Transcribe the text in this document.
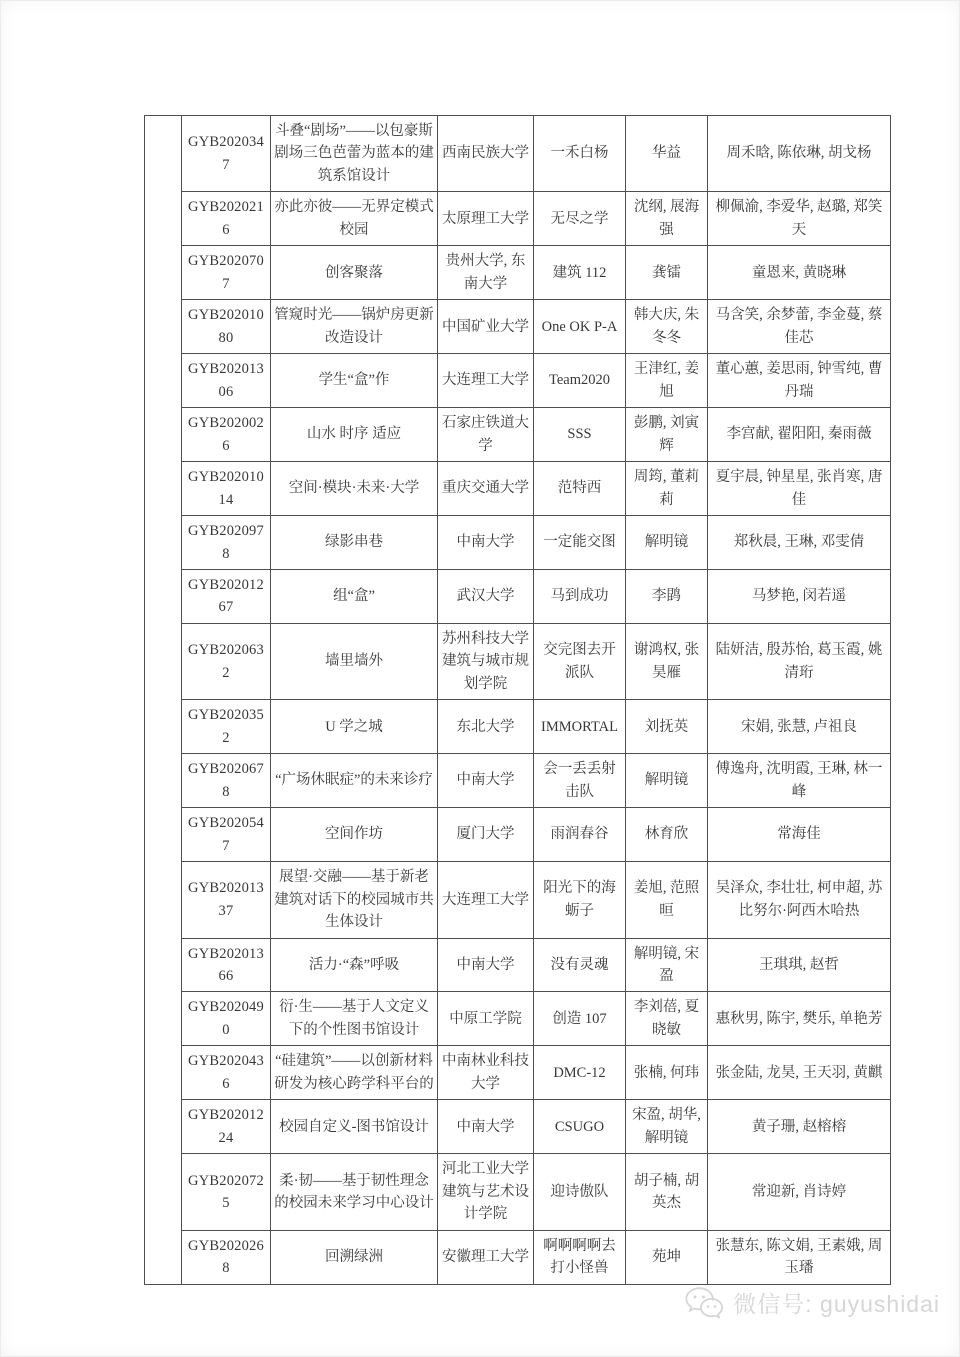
	GYB2020347	斗叠“剧场”——以包豪斯剧场三色芭蕾为蓝本的建筑系馆设计	西南民族大学	一禾白杨	华益	周禾晗, 陈依琳, 胡戈杨
	GYB2020216	亦此亦彼——无界定模式校园	太原理工大学	无尽之学	沈纲, 展海强	柳佩渝, 李爱华, 赵璐, 郑笑天
	GYB2020707	创客聚落	贵州大学, 东南大学	建筑 112	龚镭	童恩来, 黄晓琳
	GYB20201080	管窥时光——锅炉房更新改造设计	中国矿业大学	One OK P-A	韩大庆, 朱冬冬	马含笑, 余梦蕾, 李金蔓, 蔡佳芯
	GYB20201306	学生“盒”作	大连理工大学	Team2020	王津红, 姜旭	董心蕙, 姜思雨, 钟雪纯, 曹丹瑞
	GYB2020026	山水 时序 适应	石家庄铁道大学	SSS	彭鹏, 刘寅辉	李宫献, 翟阳阳, 秦雨薇
	GYB20201014	空间·模块·未来·大学	重庆交通大学	范特西	周筠, 董莉莉	夏宇晨, 钟星星, 张肖寒, 唐佳
	GYB2020978	绿影串巷	中南大学	一定能交图	解明镜	郑秋晨, 王琳, 邓雯倩
	GYB20201267	组“盒”	武汉大学	马到成功	李鹍	马梦艳, 闵若遥
	GYB2020632	墙里墙外	苏州科技大学建筑与城市规划学院	交完图去开派队	谢鸿权, 张昊雁	陆妍洁, 殷苏怡, 葛玉霞, 姚清珩
	GYB2020352	U 学之城	东北大学	IMMORTAL	刘抚英	宋娟, 张慧, 卢祖良
	GYB2020678	“广场休眠症”的未来诊疗	中南大学	会一丢丢射击队	解明镜	傅逸舟, 沈明霞, 王琳, 林一峰
	GYB2020547	空间作坊	厦门大学	雨润春谷	林育欣	常海佳
	GYB20201337	展望·交融——基于新老建筑对话下的校园城市共生体设计	大连理工大学	阳光下的海蛎子	姜旭, 范照晅	吴泽众, 李壮壮, 柯申超, 苏比努尔·阿西木哈热
	GYB20201366	活力·“森”呼吸	中南大学	没有灵魂	解明镜, 宋盈	王琪琪, 赵哲
	GYB2020490	衍·生——基于人文定义下的个性图书馆设计	中原工学院	创造 107	李刘蓓, 夏晓敏	惠秋男, 陈宇, 樊乐, 单艳芳
	GYB2020436	“硅建筑”——以创新材料研发为核心跨学科平台的	中南林业科技大学	DMC-12	张楠, 何玮	张金陆, 龙昊, 王天羽, 黄麒
	GYB20201224	校园自定义-图书馆设计	中南大学	CSUGO	宋盈, 胡华, 解明镜	黄子珊, 赵榕榕
	GYB2020725	柔·韧——基于韧性理念的校园未来学习中心设计	河北工业大学建筑与艺术设计学院	迎诗傲队	胡子楠, 胡英杰	常迎新, 肖诗婷
	GYB2020268	回溯绿洲	安徽理工大学	啊啊啊啊去打小怪兽	苑坤	张慧东, 陈文娟, 王素娥, 周玉璠
微信号: guyushidai
